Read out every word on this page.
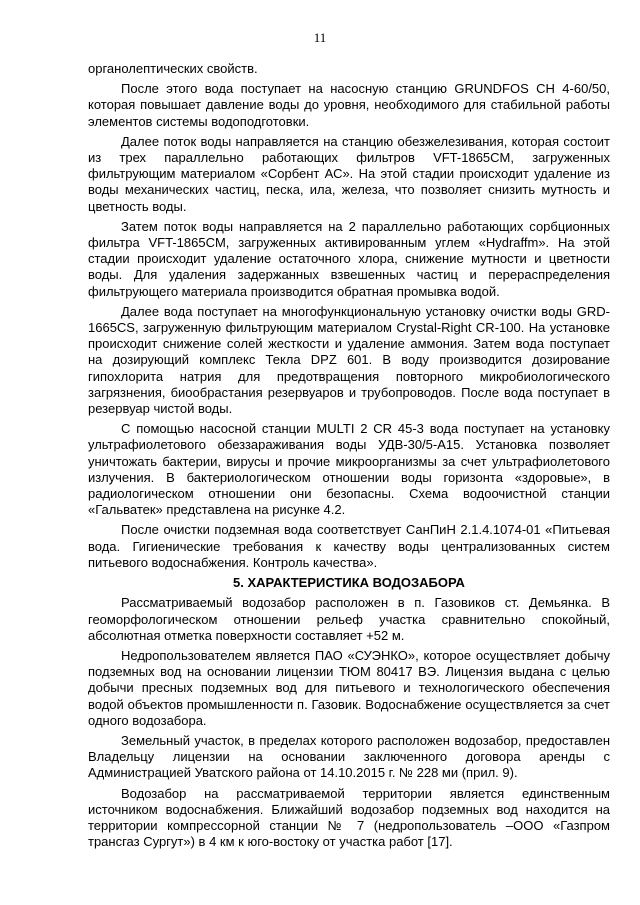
11

органолептических свойств.

После этого вода поступает на насосную станцию GRUNDFOS CH 4-60/50, которая повышает давление воды до уровня, необходимого для стабильной работы элементов системы водоподготовки.

Далее поток воды направляется на станцию обезжелезивания, которая состоит из трех параллельно работающих фильтров VFT-1865CM, загруженных фильтрующим материалом «Сорбент АС». На этой стадии происходит удаление из воды механических частиц, песка, ила, железа, что позволяет снизить мутность и цветность воды.

Затем поток воды направляется на 2 параллельно работающих сорбционных фильтра VFT-1865CM, загруженных активированным углем «Hydraffm». На этой стадии происходит удаление остаточного хлора, снижение мутности и цветности воды. Для удаления задержанных взвешенных частиц и перераспределения фильтрующего материала производится обратная промывка водой.

Далее вода поступает на многофункциональную установку очистки воды GRD-1665CS, загруженную фильтрующим материалом Crystal-Right CR-100. На установке происходит снижение солей жесткости и удаление аммония. Затем вода поступает на дозирующий комплекс Текла DPZ 601. В воду производится дозирование гипохлорита натрия для предотвращения повторного микробиологического загрязнения, биообрастания резервуаров и трубопроводов. После вода поступает в резервуар чистой воды.

С помощью насосной станции MULTI 2 CR 45-3 вода поступает на установку ультрафиолетового обеззараживания воды УДВ-30/5-А15. Установка позволяет уничтожать бактерии, вирусы и прочие микроорганизмы за счет ультрафиолетового излучения. В бактериологическом отношении воды горизонта «здоровые», в радиологическом отношении они безопасны. Схема водоочистной станции «Гальватек» представлена на рисунке 4.2.

После очистки подземная вода соответствует СанПиН 2.1.4.1074-01 «Питьевая вода. Гигиенические требования к качеству воды централизованных систем питьевого водоснабжения. Контроль качества».

5. ХАРАКТЕРИСТИКА ВОДОЗАБОРА

Рассматриваемый водозабор расположен в п. Газовиков ст. Демьянка. В геоморфологическом отношении рельеф участка сравнительно спокойный, абсолютная отметка поверхности составляет +52 м.

Недропользователем является ПАО «СУЭНКО», которое осуществляет добычу подземных вод на основании лицензии ТЮМ 80417 ВЭ. Лицензия выдана с целью добычи пресных подземных вод для питьевого и технологического обеспечения водой объектов промышленности п. Газовик. Водоснабжение осуществляется за счет одного водозабора.

Земельный участок, в пределах которого расположен водозабор, предоставлен Владельцу лицензии на основании заключенного договора аренды с Администрацией Уватского района от 14.10.2015 г. № 228 ми (прил. 9).

Водозабор на рассматриваемой территории является единственным источником водоснабжения. Ближайший водозабор подземных вод находится на территории компрессорной станции № 7 (недропользователь –ООО «Газпром трансгаз Сургут») в 4 км к юго-востоку от участка работ [17].
